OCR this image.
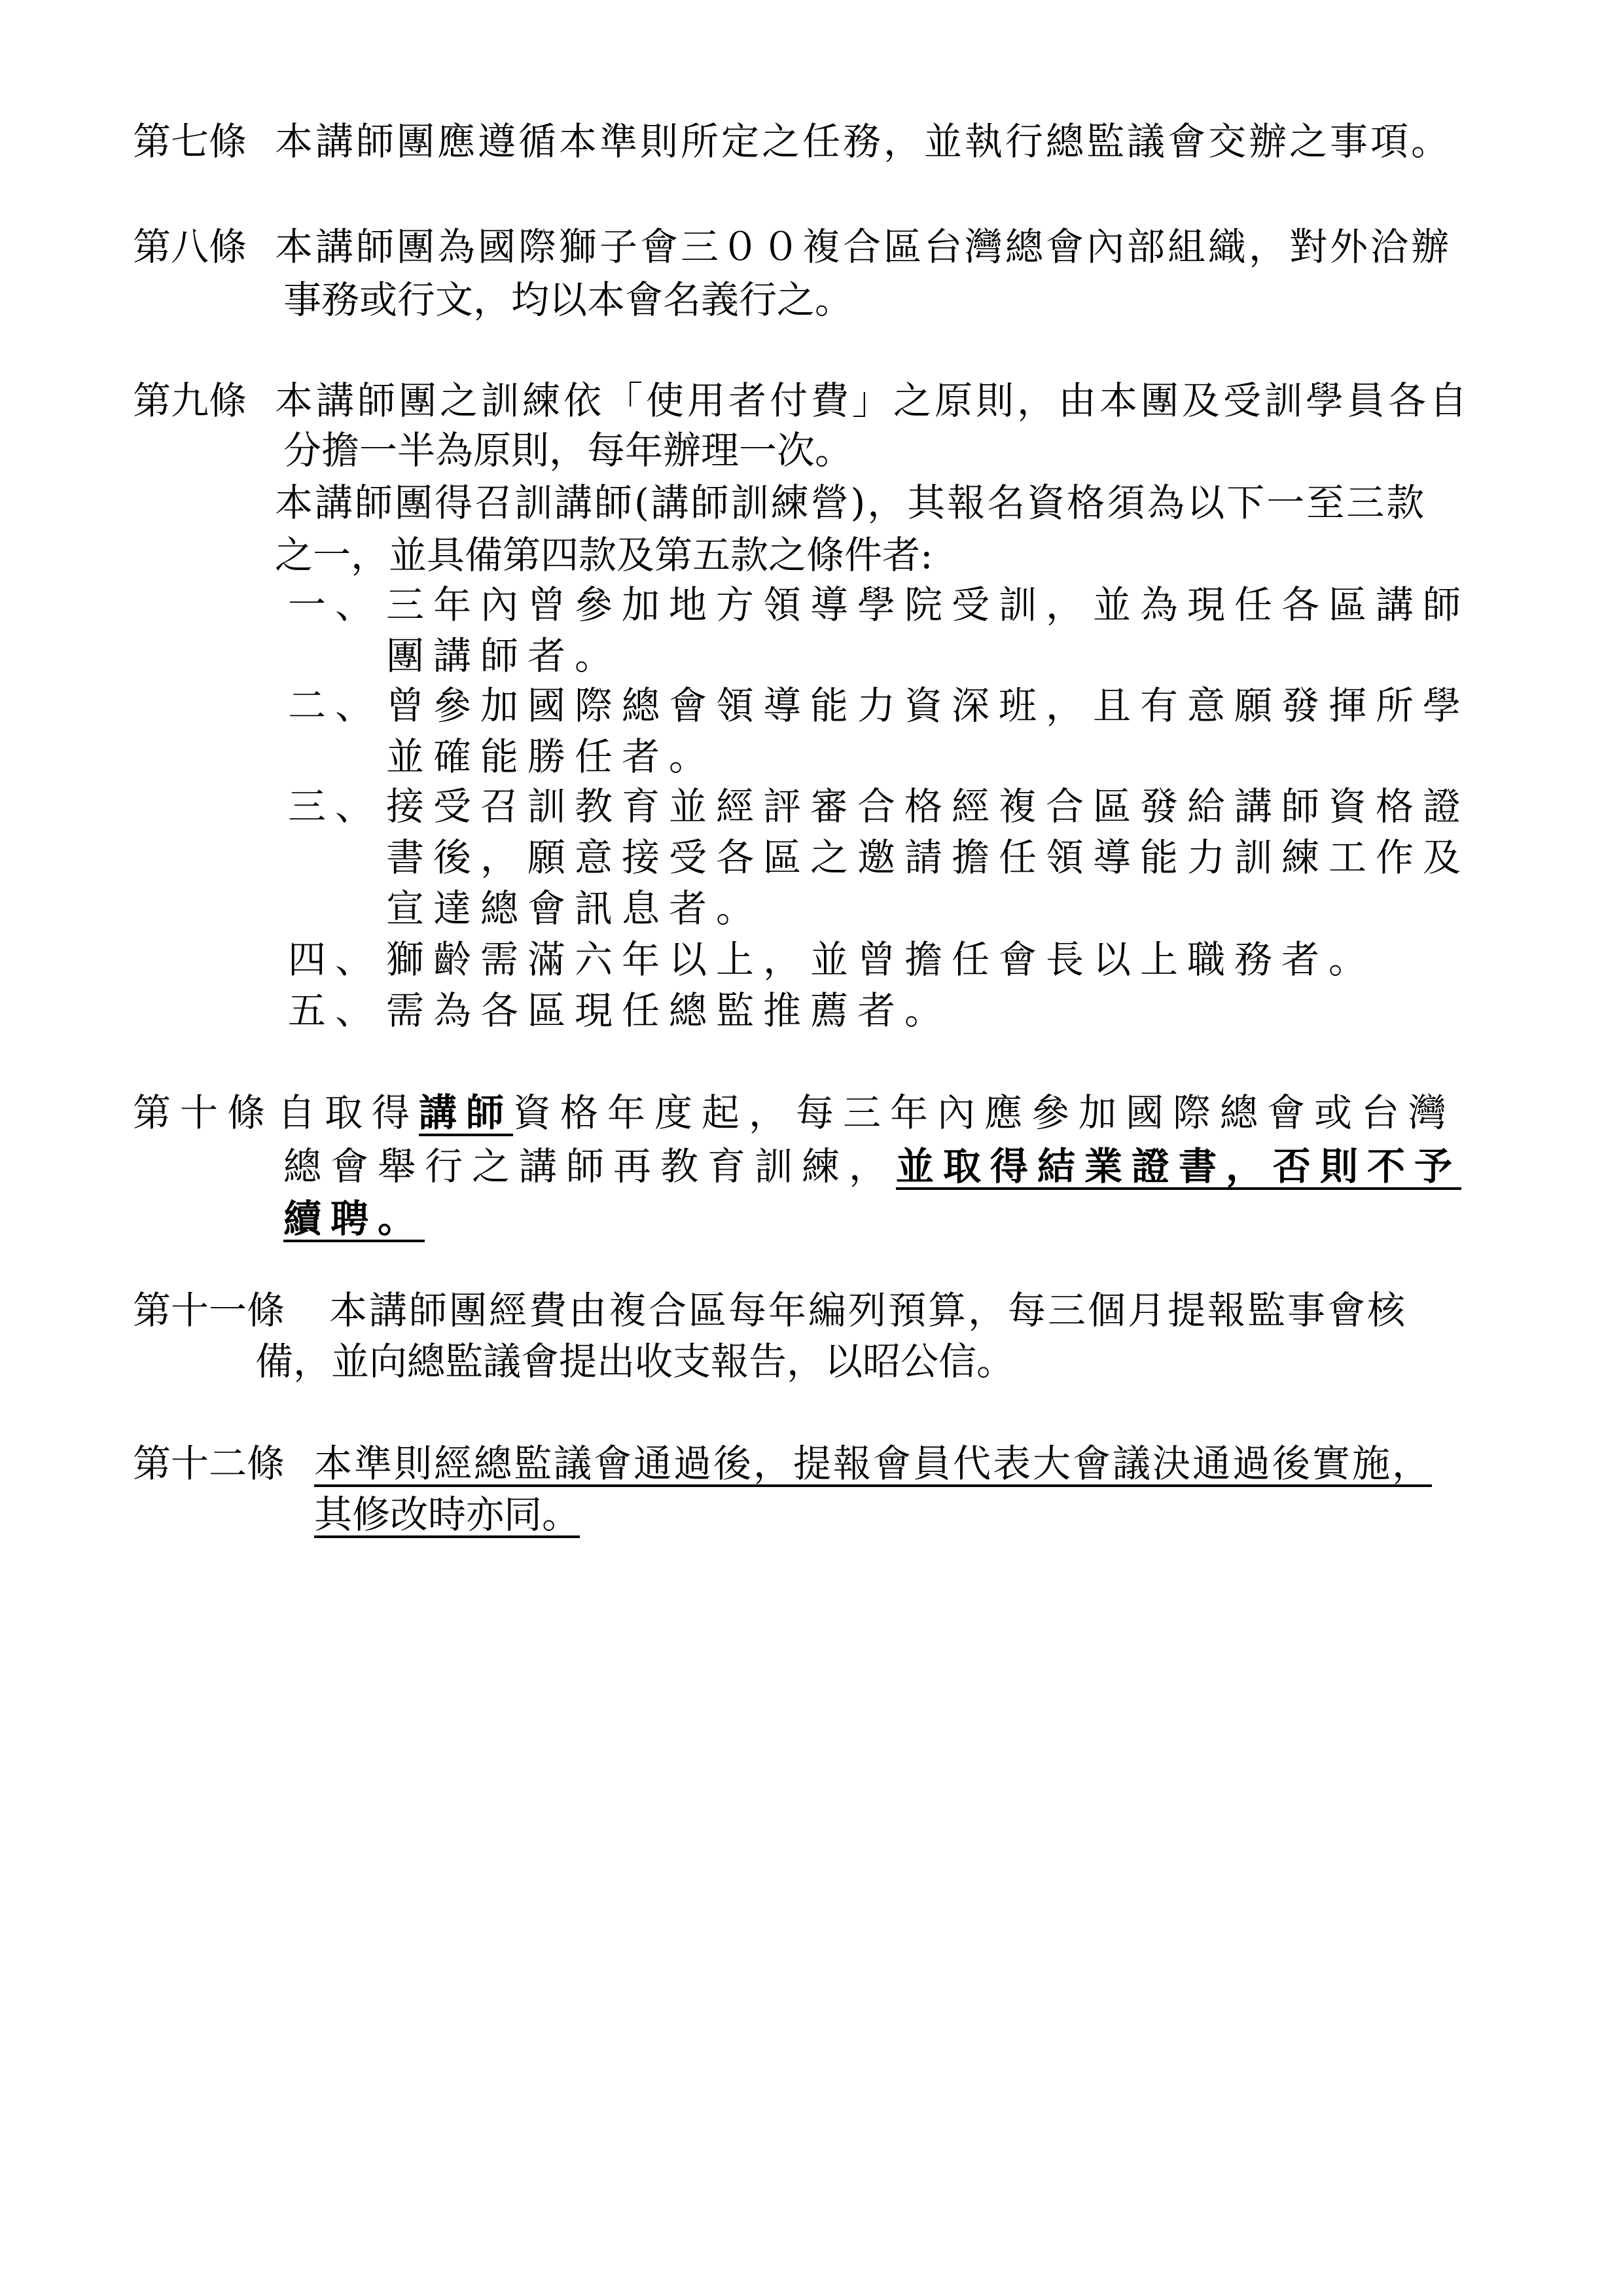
第七條 本講師團應遵循本準則所定之任務，並執行總監議會交辦之事項。
第八條 本講師團為國際獅子會三００複合區台灣總會內部組織，對外洽辦
事務或行文，均以本會名義行之。
第九條 本講師團之訓練依「使用者付費」之原則，由本團及受訓學員各自
分擔一半為原則，每年辦理一次。
本講師團得召訓講師(講師訓練營)，其報名資格須為以下一至三款
之一，並具備第四款及第五款之條件者:
一、 三年內曾參加地方領導學院受訓，並為現任各區講師
團講師者。
二、 曾參加國際總會領導能力資深班，且有意願發揮所學
並確能勝任者。
三、 接受召訓教育並經評審合格經複合區發給講師資格證
書後，願意接受各區之邀請擔任領導能力訓練工作及
宣達總會訊息者。
四、 獅齡需滿六年以上，並曾擔任會長以上職務者。
五、 需為各區現任總監推薦者。
第十條 自取得講師資格年度起，每三年內應參加國際總會或台灣
總會舉行之講師再教育訓練，並取得結業證書，否則不予
續聘。
第十一條 本講師團經費由複合區每年編列預算，每三個月提報監事會核
備，並向總監議會提出收支報告，以昭公信。
第十二條 本準則經總監議會通過後，提報會員代表大會議決通過後實施，
其修改時亦同。
